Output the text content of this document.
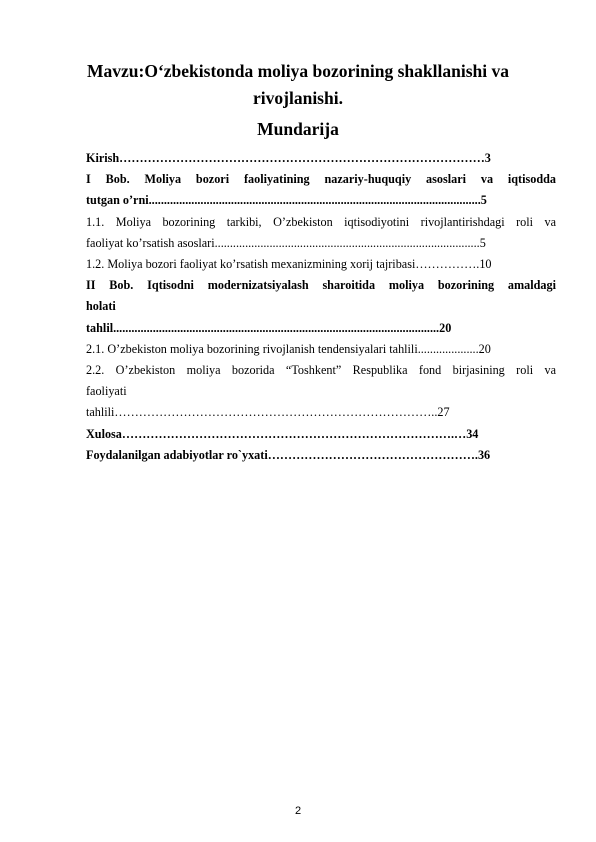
Mavzu:O‘zbekistonda moliya bozorining shakllanishi va
rivojlanishi.
Mundarija
Kirish………………………………………………………………………………3
I Bob. Moliya bozori faoliyatining nazariy-huquqiy asoslari va iqtisodda
tutgan o’rni.............................................................................................................5
1.1. Moliya bozorining tarkibi, O’zbekiston iqtisodiyotini rivojlantirishdagi roli va
faoliyat ko’rsatish asoslari.......................................................................................5
1.2. Moliya bozori faoliyat ko’rsatish mexanizmining xorij tajribasi…………….10
II Bob. Iqtisodni modernizatsiyalash sharoitida moliya bozorining amaldagi
holati
tahlil...........................................................................................................20
2.1. O’zbekiston moliya bozorining rivojlanish tendensiyalari tahlili....................20
2.2. O’zbekiston moliya bozorida “Toshkent” Respublika fond birjasining roli va
faoliyati
tahlili……………………………………………………………………..27
Xulosa……………………………………………………………………….…34
Foydalanilgan adabiyotlar ro`yxati…………………………………………….36
2
